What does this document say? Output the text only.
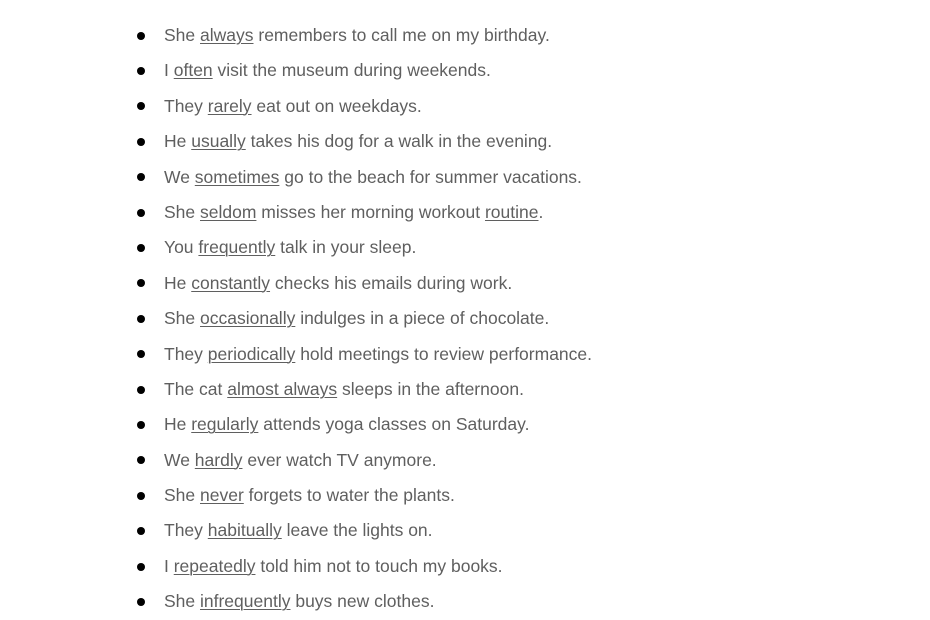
She always remembers to call me on my birthday.
I often visit the museum during weekends.
They rarely eat out on weekdays.
He usually takes his dog for a walk in the evening.
We sometimes go to the beach for summer vacations.
She seldom misses her morning workout routine.
You frequently talk in your sleep.
He constantly checks his emails during work.
She occasionally indulges in a piece of chocolate.
They periodically hold meetings to review performance.
The cat almost always sleeps in the afternoon.
He regularly attends yoga classes on Saturday.
We hardly ever watch TV anymore.
She never forgets to water the plants.
They habitually leave the lights on.
I repeatedly told him not to touch my books.
She infrequently buys new clothes.
